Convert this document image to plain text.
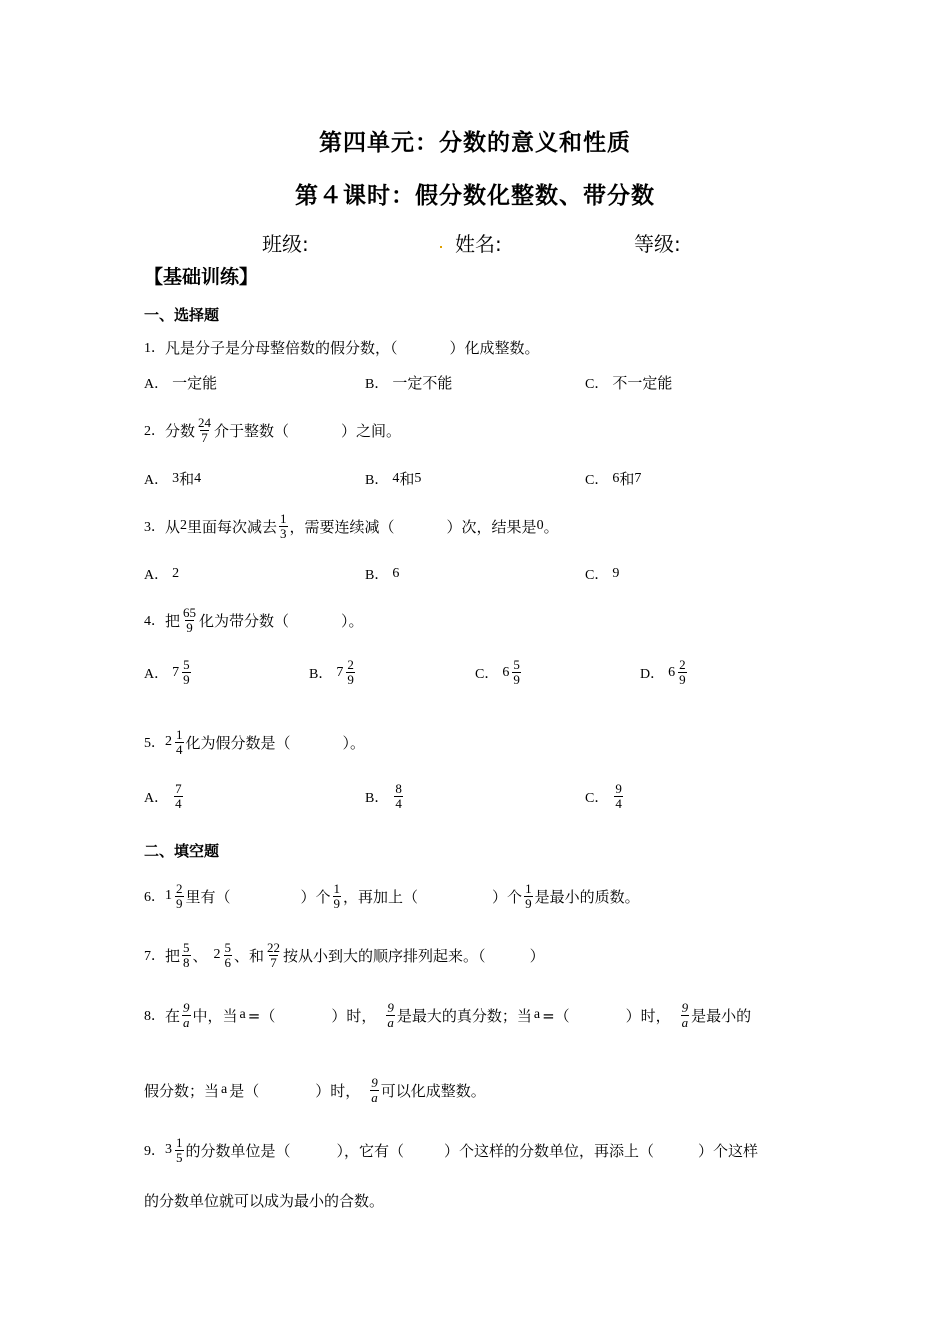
第四单元：分数的意义和性质
第４课时：假分数化整数、带分数
班级:	姓名:	等级:
【基础训练】
一、选择题
1． 凡是分子是分母整倍数的假分数，（	）化成整数。
A． 一定能	B． 一定不能	C． 不一定能
2． 分数 $\frac{24}{7}$ 介于整数（	）之间。
A． 3 和 4	B． 4 和 5	C． 6 和 7
3． 从 2 里面每次减去 $\frac{1}{3}$ ，需要连续减（	）次，结果是 0 。
A． 2	B． 6	C． 9
4． 把 $\frac{65}{9}$ 化为带分数（	）。
A． $7 \frac{5}{9}$	B． $7 \frac{2}{9}$	C． $6 \frac{5}{9}$	D． $6 \frac{2}{9}$
5． $2 \frac{1}{4}$ 化为假分数是（	）。
A． $\frac{7}{4}$	B． $\frac{8}{4}$	C． $\frac{9}{4}$
二、填空题
6． $1 \frac{2}{9}$ 里有（	）个 $\frac{1}{9}$ ，再加上（	）个 $\frac{1}{9}$ 是最小的质数。
7． 把 $\frac{5}{8}$ 、 $2 \frac{5}{6}$ 、和 $\frac{22}{7}$ 按从小到大的顺序排列起来。（	）
8． 在 $\frac{9}{a}$ 中，当 a =（	）时， $\frac{9}{a}$ 是最大的真分数；当 a =（	）时， $\frac{9}{a}$ 是最小的
假分数；当 a 是（	）时， $\frac{9}{a}$ 可以化成整数。
9． $3 \frac{1}{5}$ 的分数单位是（	），它有（	）个这样的分数单位，再添上（	）个这样
的分数单位就可以成为最小的合数。
